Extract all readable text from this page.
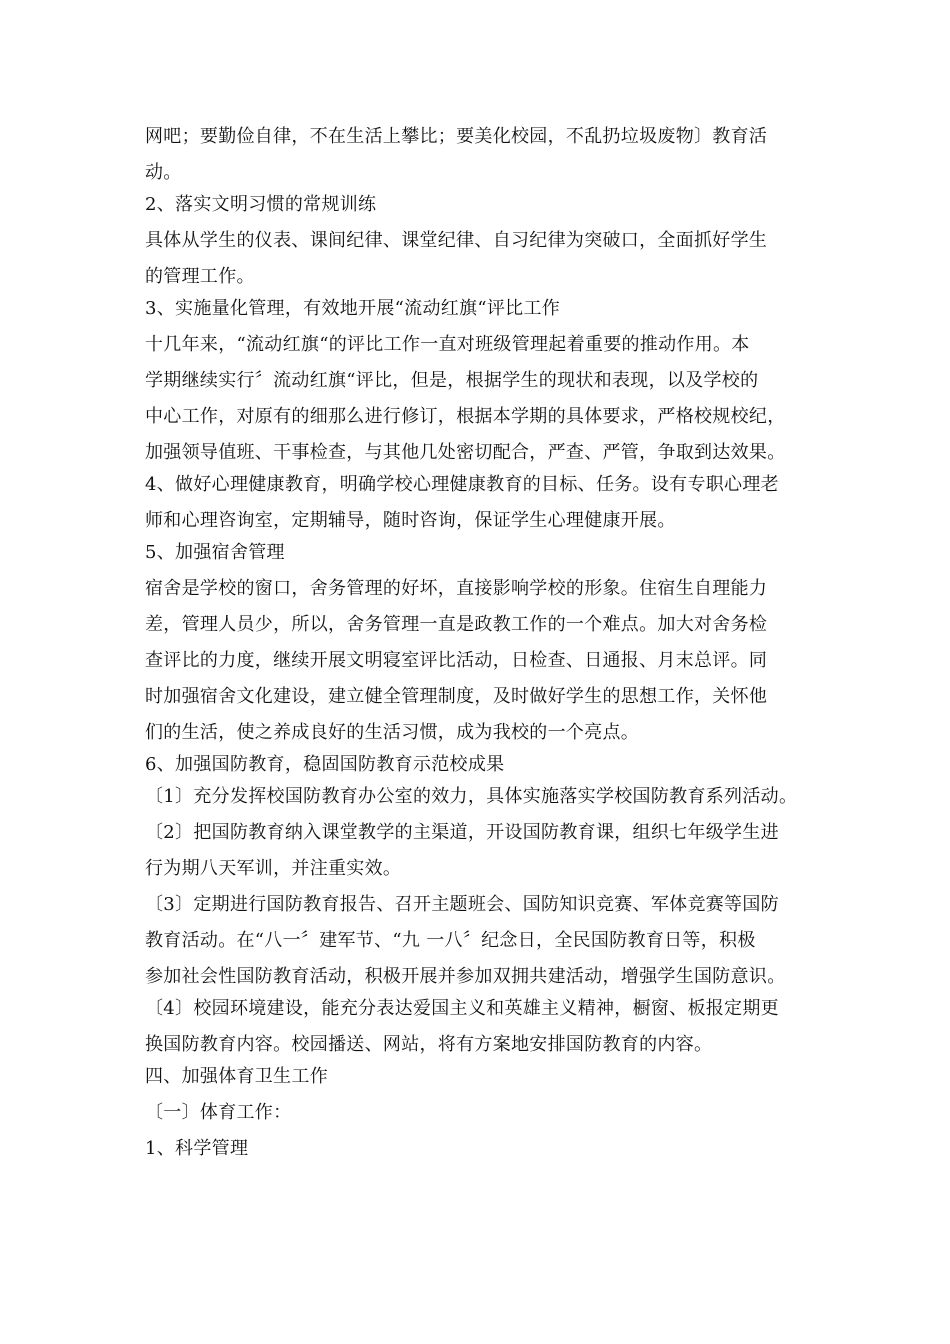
网吧；要勤俭自律，不在生活上攀比；要美化校园，不乱扔垃圾废物〕教育活
动。
2、落实文明习惯的常规训练
具体从学生的仪表、课间纪律、课堂纪律、自习纪律为突破口，全面抓好学生
的管理工作。
3、实施量化管理，有效地开展“流动红旗“评比工作
十几年来，“流动红旗“的评比工作一直对班级管理起着重要的推动作用。本
学期继续实行〞流动红旗“评比，但是，根据学生的现状和表现，以及学校的
中心工作，对原有的细那么进行修订，根据本学期的具体要求，严格校规校纪，
加强领导值班、干事检查，与其他几处密切配合，严查、严管，争取到达效果。
4、做好心理健康教育，明确学校心理健康教育的目标、任务。设有专职心理老
师和心理咨询室，定期辅导，随时咨询，保证学生心理健康开展。
5、加强宿舍管理
宿舍是学校的窗口，舍务管理的好坏，直接影响学校的形象。住宿生自理能力
差，管理人员少，所以，舍务管理一直是政教工作的一个难点。加大对舍务检
查评比的力度，继续开展文明寝室评比活动，日检查、日通报、月末总评。同
时加强宿舍文化建设，建立健全管理制度，及时做好学生的思想工作，关怀他
们的生活，使之养成良好的生活习惯，成为我校的一个亮点。
6、加强国防教育，稳固国防教育示范校成果
〔1〕充分发挥校国防教育办公室的效力，具体实施落实学校国防教育系列活动。
〔2〕把国防教育纳入课堂教学的主渠道，开设国防教育课，组织七年级学生进
行为期八天军训，并注重实效。
〔3〕定期进行国防教育报告、召开主题班会、国防知识竞赛、军体竞赛等国防
教育活动。在“八一〞建军节、“九 一八〞纪念日，全民国防教育日等，积极
参加社会性国防教育活动，积极开展并参加双拥共建活动，增强学生国防意识。
〔4〕校园环境建设，能充分表达爱国主义和英雄主义精神，橱窗、板报定期更
换国防教育内容。校园播送、网站，将有方案地安排国防教育的内容。
四、加强体育卫生工作
〔一〕体育工作：
1、科学管理
